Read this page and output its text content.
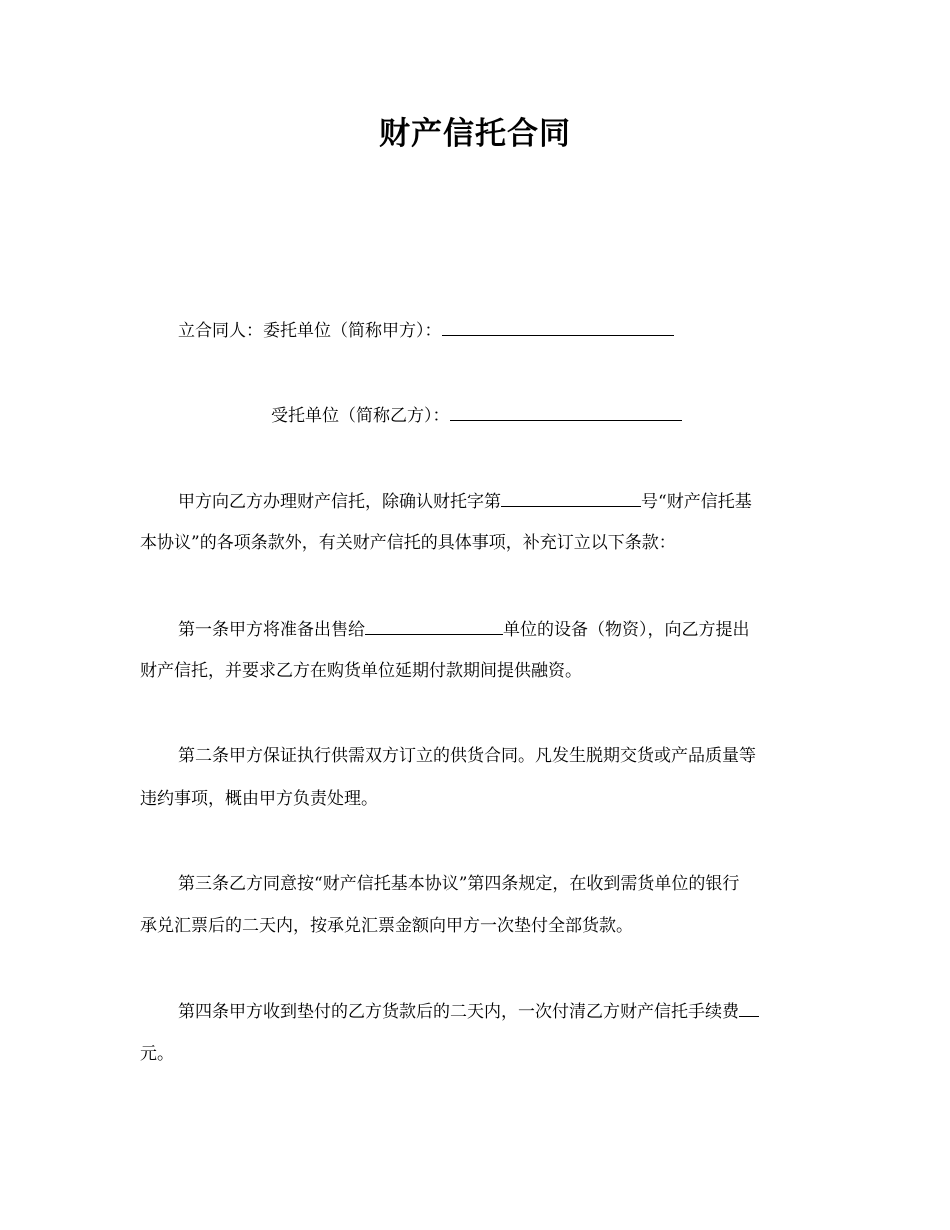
财产信托合同
立合同人：委托单位（简称甲方）：
受托单位（简称乙方）：
甲方向乙方办理财产信托，除确认财托字第	号“财产信托基
本协议”的各项条款外，有关财产信托的具体事项，补充订立以下条款：
第一条甲方将准备出售给	单位的设备（物资），向乙方提出
财产信托，并要求乙方在购货单位延期付款期间提供融资。
第二条甲方保证执行供需双方订立的供货合同。凡发生脱期交货或产品质量等
违约事项，概由甲方负责处理。
第三条乙方同意按“财产信托基本协议”第四条规定，在收到需货单位的银行
承兑汇票后的二天内，按承兑汇票金额向甲方一次垫付全部货款。
第四条甲方收到垫付的乙方货款后的二天内，一次付清乙方财产信托手续费
元。
